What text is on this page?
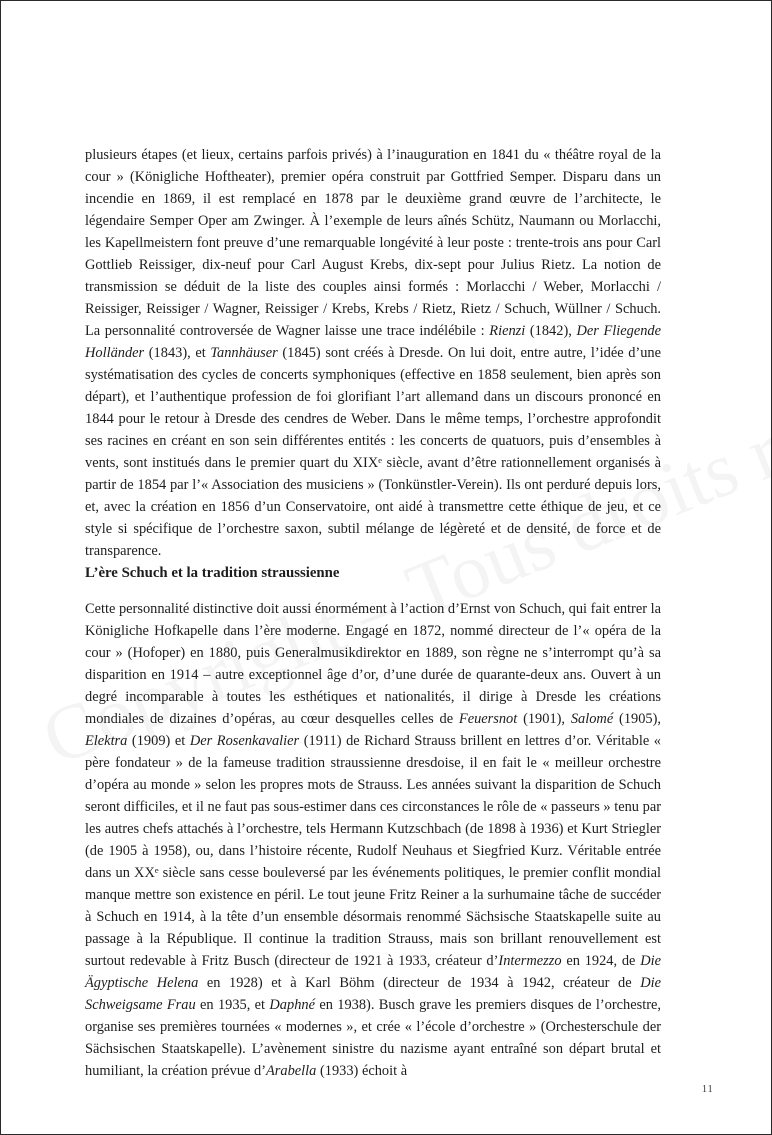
plusieurs étapes (et lieux, certains parfois privés) à l’inauguration en 1841 du « théâtre royal de la cour » (Königliche Hoftheater), premier opéra construit par Gottfried Semper. Disparu dans un incendie en 1869, il est remplacé en 1878 par le deuxième grand œuvre de l’architecte, le légendaire Semper Oper am Zwinger. À l’exemple de leurs aînés Schütz, Naumann ou Morlacchi, les Kapellmeistern font preuve d’une remarquable longévité à leur poste : trente-trois ans pour Carl Gottlieb Reissiger, dix-neuf pour Carl August Krebs, dix-sept pour Julius Rietz. La notion de transmission se déduit de la liste des couples ainsi formés : Morlacchi / Weber, Morlacchi / Reissiger, Reissiger / Wagner, Reissiger / Krebs, Krebs / Rietz, Rietz / Schuch, Wüllner / Schuch. La personnalité controversée de Wagner laisse une trace indélébile : Rienzi (1842), Der Fliegende Holländer (1843), et Tannhäuser (1845) sont créés à Dresde. On lui doit, entre autre, l’idée d’une systématisation des cycles de concerts symphoniques (effective en 1858 seulement, bien après son départ), et l’authentique profession de foi glorifiant l’art allemand dans un discours prononcé en 1844 pour le retour à Dresde des cendres de Weber. Dans le même temps, l’orchestre approfondit ses racines en créant en son sein différentes entités : les concerts de quatuors, puis d’ensembles à vents, sont institués dans le premier quart du XIXᵉ siècle, avant d’être rationnellement organisés à partir de 1854 par l’« Association des musiciens » (Tonkünstler-Verein). Ils ont perduré depuis lors, et, avec la création en 1856 d’un Conservatoire, ont aidé à transmettre cette éthique de jeu, et ce style si spécifique de l’orchestre saxon, subtil mélange de légèreté et de densité, de force et de transparence.

L’ère Schuch et la tradition straussienne

Cette personnalité distinctive doit aussi énormément à l’action d’Ernst von Schuch, qui fait entrer la Königliche Hofkapelle dans l’ère moderne. Engagé en 1872, nommé directeur de l’« opéra de la cour » (Hofoper) en 1880, puis Generalmusikdirektor en 1889, son règne ne s’interrompt qu’à sa disparition en 1914 – autre exceptionnel âge d’or, d’une durée de quarante-deux ans. Ouvert à un degré incomparable à toutes les esthétiques et nationalités, il dirige à Dresde les créations mondiales de dizaines d’opéras, au cœur desquelles celles de Feuersnot (1901), Salomé (1905), Elektra (1909) et Der Rosenkavalier (1911) de Richard Strauss brillent en lettres d’or. Véritable « père fondateur » de la fameuse tradition straussienne dresdoise, il en fait le « meilleur orchestre d’opéra au monde » selon les propres mots de Strauss. Les années suivant la disparition de Schuch seront difficiles, et il ne faut pas sous-estimer dans ces circonstances le rôle de « passeurs » tenu par les autres chefs attachés à l’orchestre, tels Hermann Kutzschbach (de 1898 à 1936) et Kurt Striegler (de 1905 à 1958), ou, dans l’histoire récente, Rudolf Neuhaus et Siegfried Kurz. Véritable entrée dans un XXᵉ siècle sans cesse bouleversé par les événements politiques, le premier conflit mondial manque mettre son existence en péril. Le tout jeune Fritz Reiner a la surhumaine tâche de succéder à Schuch en 1914, à la tête d’un ensemble désormais renommé Sächsische Staatskapelle suite au passage à la République. Il continue la tradition Strauss, mais son brillant renouvellement est surtout redevable à Fritz Busch (directeur de 1921 à 1933, créateur d’Intermezzo en 1924, de Die Ägyptische Helena en 1928) et à Karl Böhm (directeur de 1934 à 1942, créateur de Die Schweigsame Frau en 1935, et Daphné en 1938). Busch grave les premiers disques de l’orchestre, organise ses premières tournées « modernes », et crée « l’école d’orchestre » (Orchesterschule der Sächsischen Staatskapelle). L’avènement sinistre du nazisme ayant entraîné son départ brutal et humiliant, la création prévue d’Arabella (1933) échoit à

11
